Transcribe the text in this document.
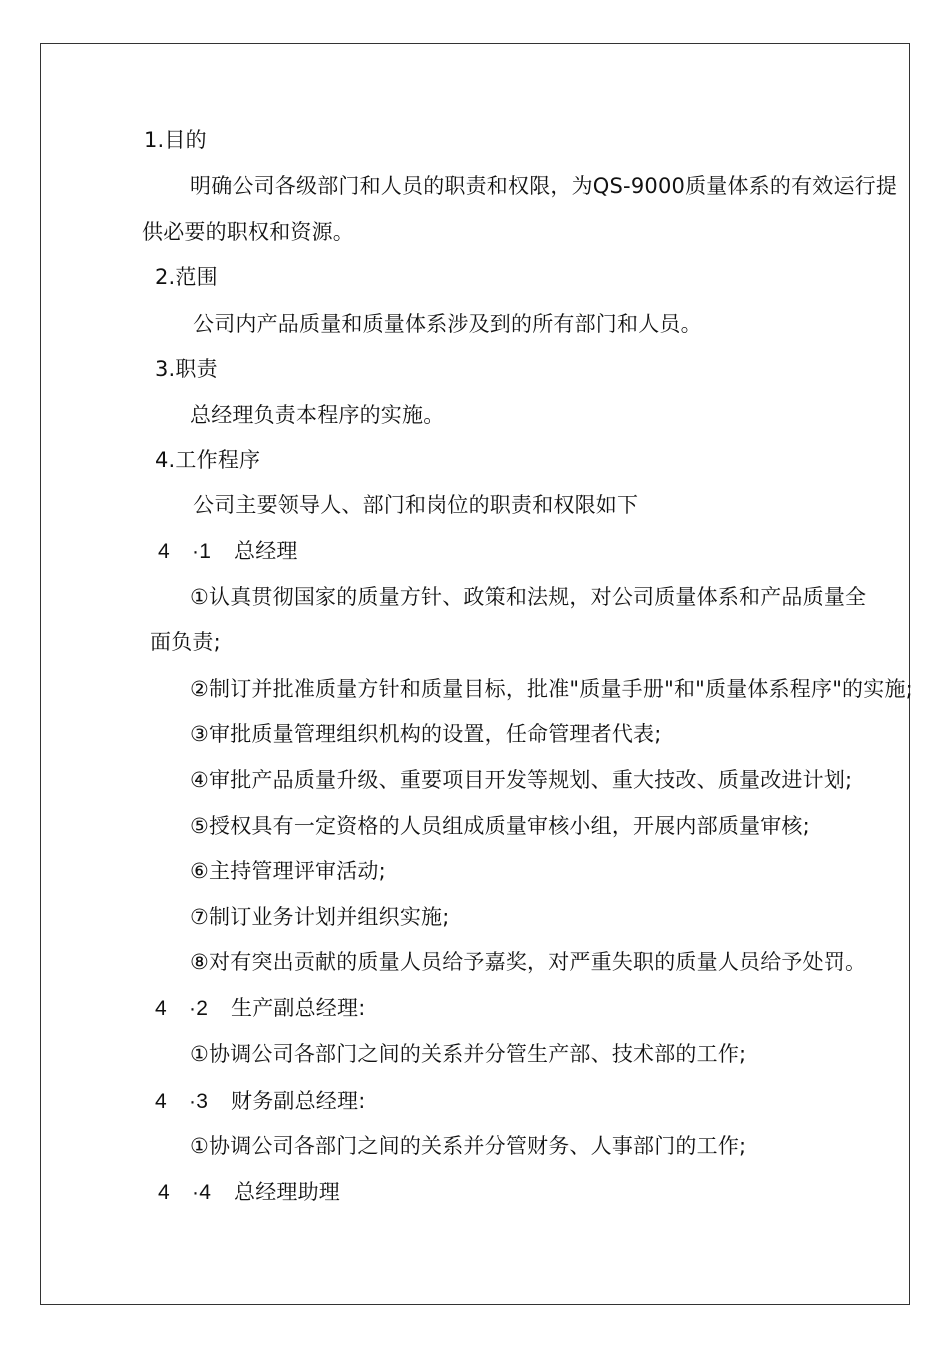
1.目的
明确公司各级部门和人员的职责和权限，为QS-9000质量体系的有效运行提
供必要的职权和资源。
2.范围
公司内产品质量和质量体系涉及到的所有部门和人员。
3.职责
总经理负责本程序的实施。
4.工作程序
公司主要领导人、部门和岗位的职责和权限如下
4 ·1 总经理
①认真贯彻国家的质量方针、政策和法规，对公司质量体系和产品质量全
面负责;
②制订并批准质量方针和质量目标，批准"质量手册"和"质量体系程序"的实施;
③审批质量管理组织机构的设置，任命管理者代表;
④审批产品质量升级、重要项目开发等规划、重大技改、质量改进计划;
⑤授权具有一定资格的人员组成质量审核小组，开展内部质量审核;
⑥主持管理评审活动;
⑦制订业务计划并组织实施;
⑧对有突出贡献的质量人员给予嘉奖，对严重失职的质量人员给予处罚。
4 ·2 生产副总经理:
①协调公司各部门之间的关系并分管生产部、技术部的工作;
4 ·3 财务副总经理:
①协调公司各部门之间的关系并分管财务、人事部门的工作;
4 ·4 总经理助理
